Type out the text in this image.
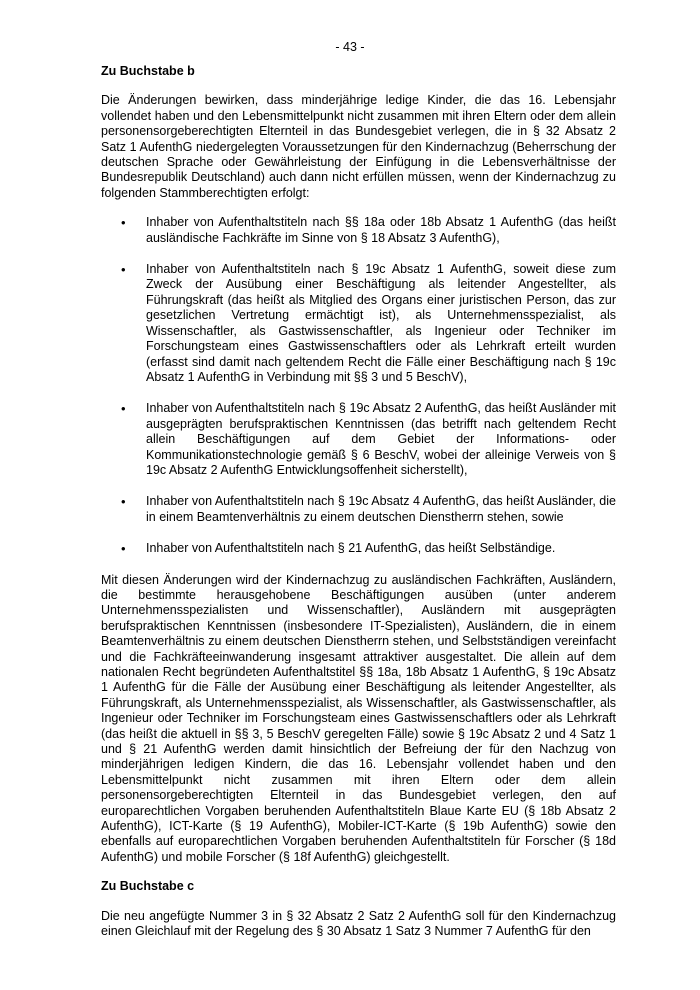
- 43 -
Zu Buchstabe b

Die Änderungen bewirken, dass minderjährige ledige Kinder, die das 16. Lebensjahr vollendet haben und den Lebensmittelpunkt nicht zusammen mit ihren Eltern oder dem allein personensorgeberechtigten Elternteil in das Bundesgebiet verlegen, die in § 32 Absatz 2 Satz 1 AufenthG niedergelegten Voraussetzungen für den Kindernachzug (Beherrschung der deutschen Sprache oder Gewährleistung der Einfügung in die Lebensverhältnisse der Bundesrepublik Deutschland) auch dann nicht erfüllen müssen, wenn der Kindernachzug zu folgenden Stammberechtigten erfolgt:

• Inhaber von Aufenthaltstiteln nach §§ 18a oder 18b Absatz 1 AufenthG (das heißt ausländische Fachkräfte im Sinne von § 18 Absatz 3 AufenthG),
• Inhaber von Aufenthaltstiteln nach § 19c Absatz 1 AufenthG, soweit diese zum Zweck der Ausübung einer Beschäftigung als leitender Angestellter, als Führungskraft (das heißt als Mitglied des Organs einer juristischen Person, das zur gesetzlichen Vertretung ermächtigt ist), als Unternehmensspezialist, als Wissenschaftler, als Gastwissenschaftler, als Ingenieur oder Techniker im Forschungsteam eines Gastwissenschaftlers oder als Lehrkraft erteilt wurden (erfasst sind damit nach geltendem Recht die Fälle einer Beschäftigung nach § 19c Absatz 1 AufenthG in Verbindung mit §§ 3 und 5 BeschV),
• Inhaber von Aufenthaltstiteln nach § 19c Absatz 2 AufenthG, das heißt Ausländer mit ausgeprägten berufspraktischen Kenntnissen (das betrifft nach geltendem Recht allein Beschäftigungen auf dem Gebiet der Informations- oder Kommunikationstechnologie gemäß § 6 BeschV, wobei der alleinige Verweis von § 19c Absatz 2 AufenthG Entwicklungsoffenheit sicherstellt),
• Inhaber von Aufenthaltstiteln nach § 19c Absatz 4 AufenthG, das heißt Ausländer, die in einem Beamtenverhältnis zu einem deutschen Dienstherrn stehen, sowie
• Inhaber von Aufenthaltstiteln nach § 21 AufenthG, das heißt Selbständige.

Mit diesen Änderungen wird der Kindernachzug zu ausländischen Fachkräften, Ausländern, die bestimmte herausgehobene Beschäftigungen ausüben (unter anderem Unternehmensspezialisten und Wissenschaftler), Ausländern mit ausgeprägten berufspraktischen Kenntnissen (insbesondere IT-Spezialisten), Ausländern, die in einem Beamtenverhältnis zu einem deutschen Dienstherrn stehen, und Selbstständigen vereinfacht und die Fachkräfteeinwanderung insgesamt attraktiver ausgestaltet. Die allein auf dem nationalen Recht begründeten Aufenthaltstitel §§ 18a, 18b Absatz 1 AufenthG, § 19c Absatz 1 AufenthG für die Fälle der Ausübung einer Beschäftigung als leitender Angestellter, als Führungskraft, als Unternehmensspezialist, als Wissenschaftler, als Gastwissenschaftler, als Ingenieur oder Techniker im Forschungsteam eines Gastwissenschaftlers oder als Lehrkraft (das heißt die aktuell in §§ 3, 5 BeschV geregelten Fälle) sowie § 19c Absatz 2 und 4 Satz 1 und § 21 AufenthG werden damit hinsichtlich der Befreiung der für den Nachzug von minderjährigen ledigen Kindern, die das 16. Lebensjahr vollendet haben und den Lebensmittelpunkt nicht zusammen mit ihren Eltern oder dem allein personensorgeberechtigten Elternteil in das Bundesgebiet verlegen, den auf europarechtlichen Vorgaben beruhenden Aufenthaltstiteln Blaue Karte EU (§ 18b Absatz 2 AufenthG), ICT-Karte (§ 19 AufenthG), Mobiler-ICT-Karte (§ 19b AufenthG) sowie den ebenfalls auf europarechtlichen Vorgaben beruhenden Aufenthaltstiteln für Forscher (§ 18d AufenthG) und mobile Forscher (§ 18f AufenthG) gleichgestellt.

Zu Buchstabe c

Die neu angefügte Nummer 3 in § 32 Absatz 2 Satz 2 AufenthG soll für den Kindernachzug einen Gleichlauf mit der Regelung des § 30 Absatz 1 Satz 3 Nummer 7 AufenthG für den
